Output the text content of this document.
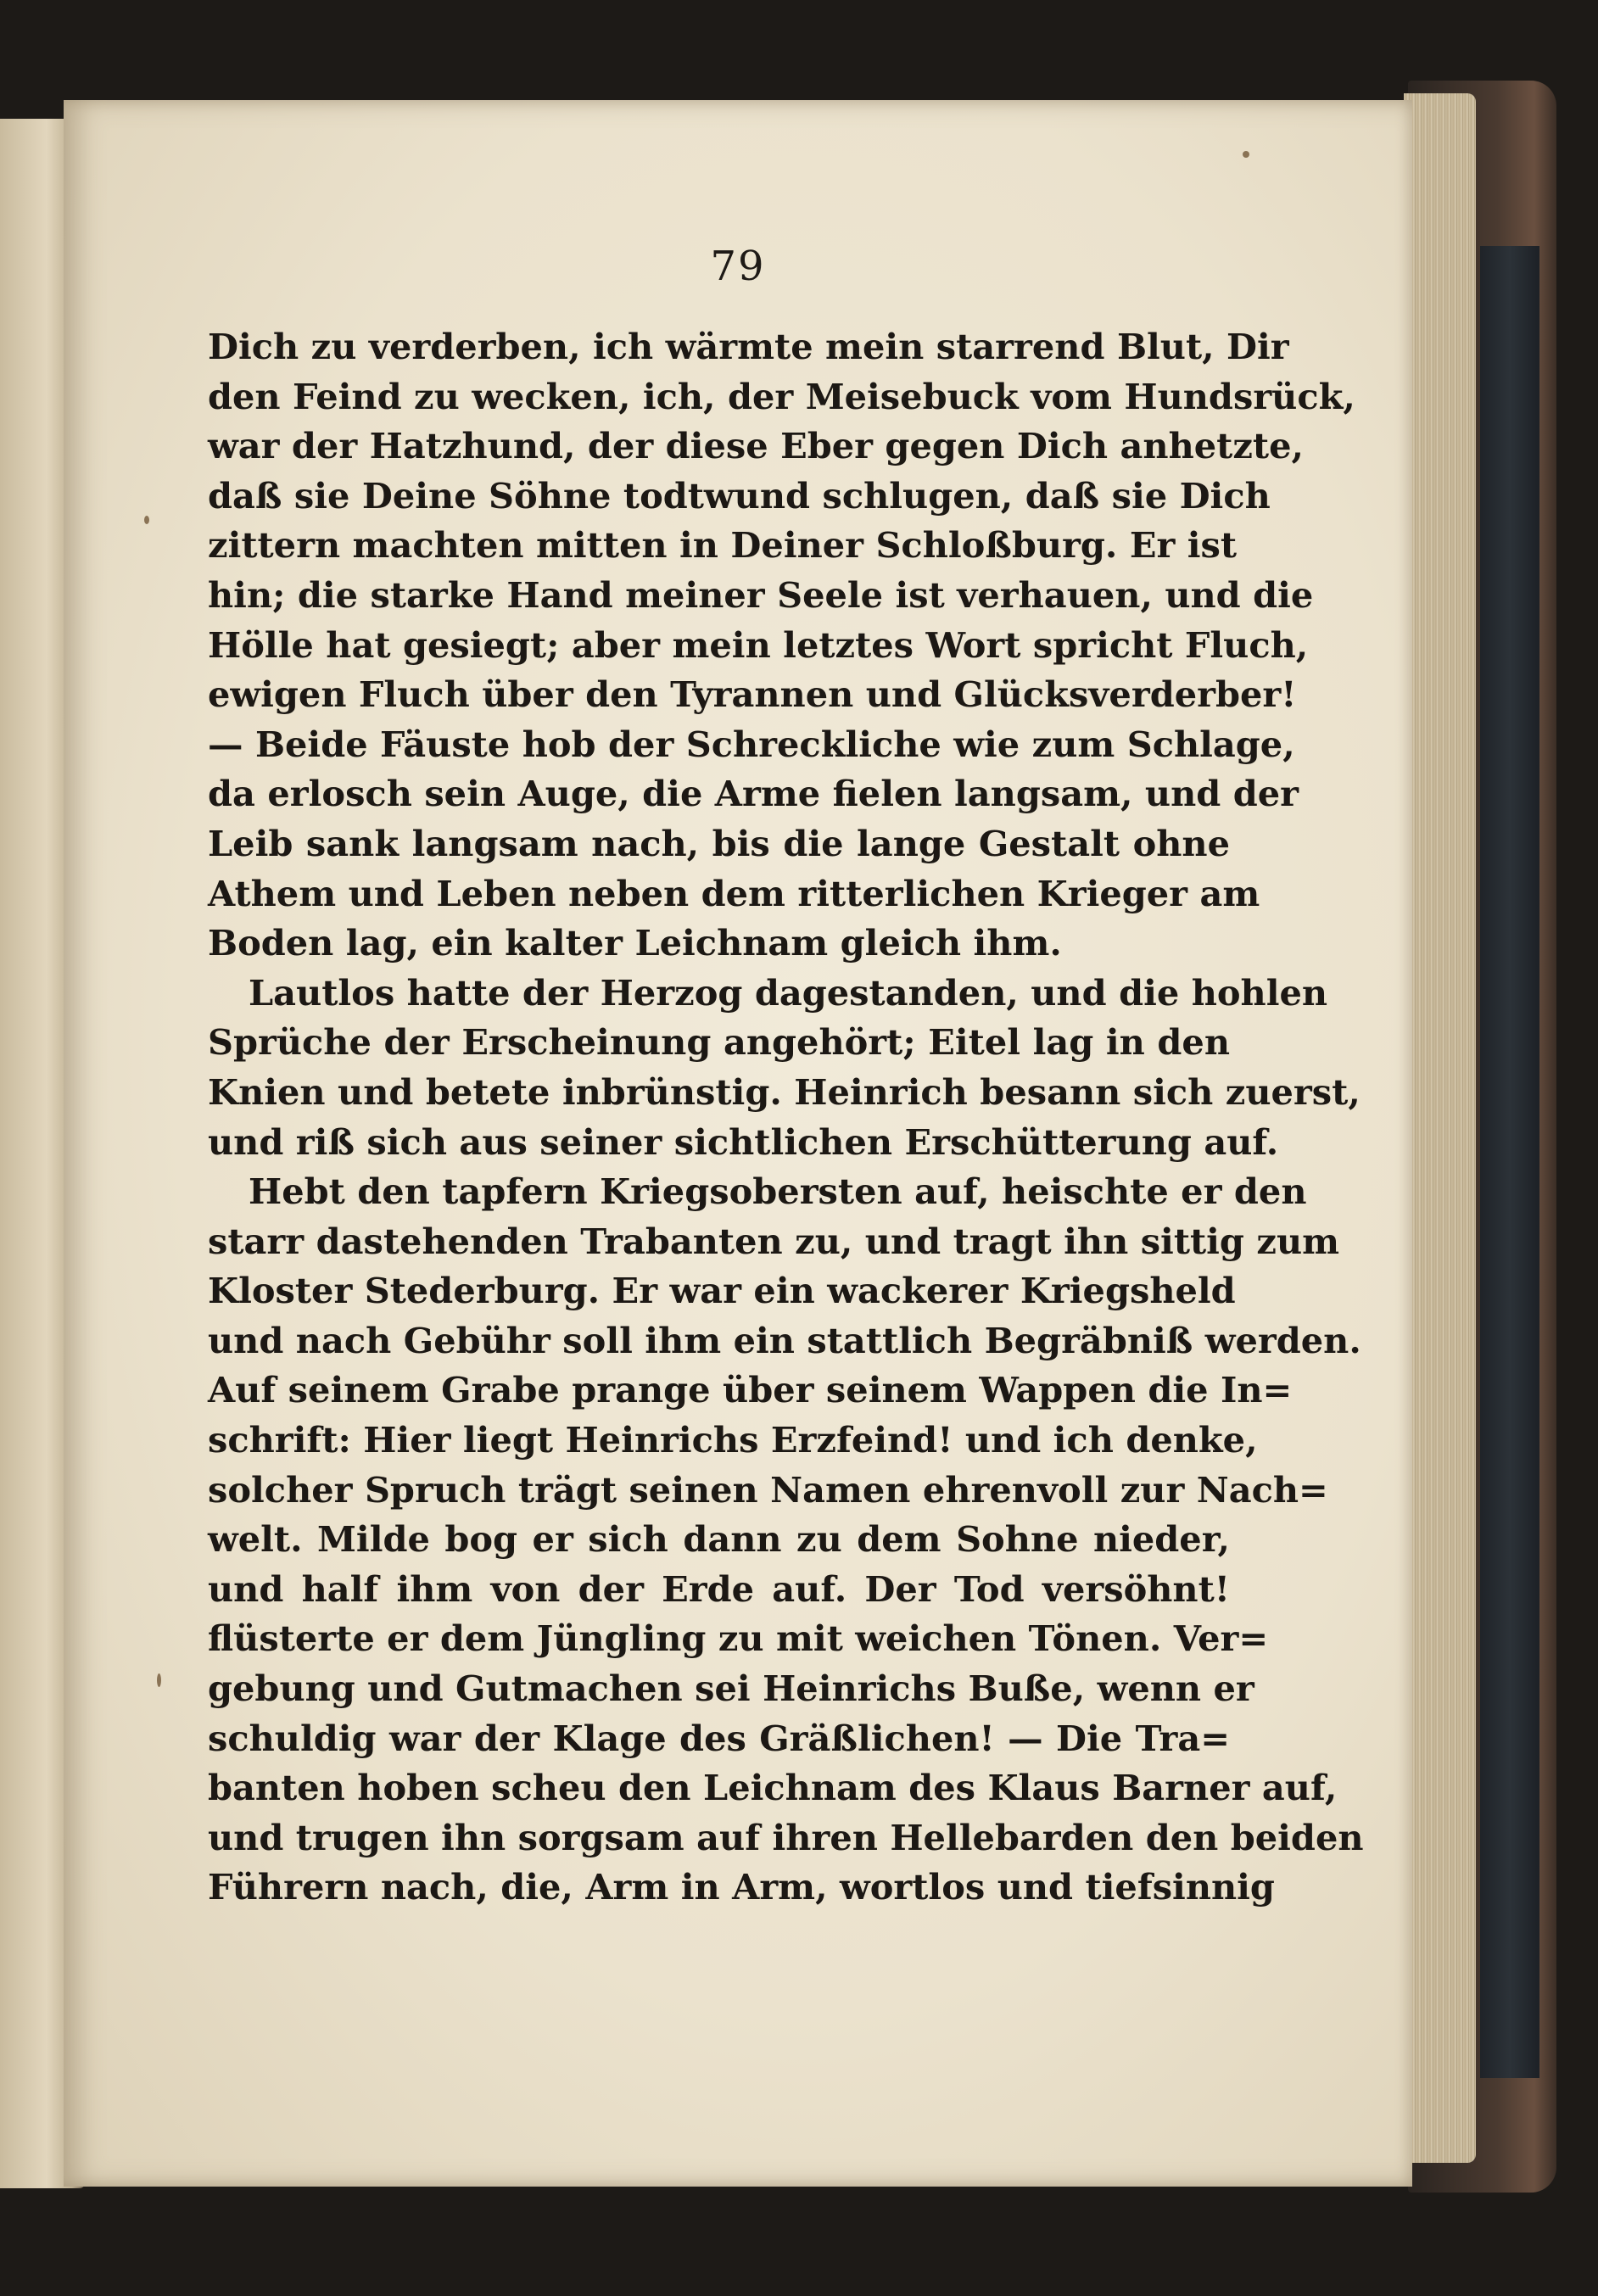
79
Dich zu verderben, ich wärmte mein starrend Blut, Dir
den Feind zu wecken, ich, der Meisebuck vom Hundsrück,
war der Hatzhund, der diese Eber gegen Dich anhetzte,
daß sie Deine Söhne todtwund schlugen, daß sie Dich
zittern machten mitten in Deiner Schloßburg. Er ist
hin; die starke Hand meiner Seele ist verhauen, und die
Hölle hat gesiegt; aber mein letztes Wort spricht Fluch,
ewigen Fluch über den Tyrannen und Glücksverderber!
— Beide Fäuste hob der Schreckliche wie zum Schlage,
da erlosch sein Auge, die Arme fielen langsam, und der
Leib sank langsam nach, bis die lange Gestalt ohne
Athem und Leben neben dem ritterlichen Krieger am
Boden lag, ein kalter Leichnam gleich ihm.
Lautlos hatte der Herzog dagestanden, und die hohlen
Sprüche der Erscheinung angehört; Eitel lag in den
Knien und betete inbrünstig. Heinrich besann sich zuerst,
und riß sich aus seiner sichtlichen Erschütterung auf.
Hebt den tapfern Kriegsobersten auf, heischte er den
starr dastehenden Trabanten zu, und tragt ihn sittig zum
Kloster Stederburg. Er war ein wackerer Kriegsheld
und nach Gebühr soll ihm ein stattlich Begräbniß werden.
Auf seinem Grabe prange über seinem Wappen die In=
schrift: Hier liegt Heinrichs Erzfeind! und ich denke,
solcher Spruch trägt seinen Namen ehrenvoll zur Nach=
welt. Milde bog er sich dann zu dem Sohne nieder,
und half ihm von der Erde auf. Der Tod versöhnt!
flüsterte er dem Jüngling zu mit weichen Tönen. Ver=
gebung und Gutmachen sei Heinrichs Buße, wenn er
schuldig war der Klage des Gräßlichen! — Die Tra=
banten hoben scheu den Leichnam des Klaus Barner auf,
und trugen ihn sorgsam auf ihren Hellebarden den beiden
Führern nach, die, Arm in Arm, wortlos und tiefsinnig
